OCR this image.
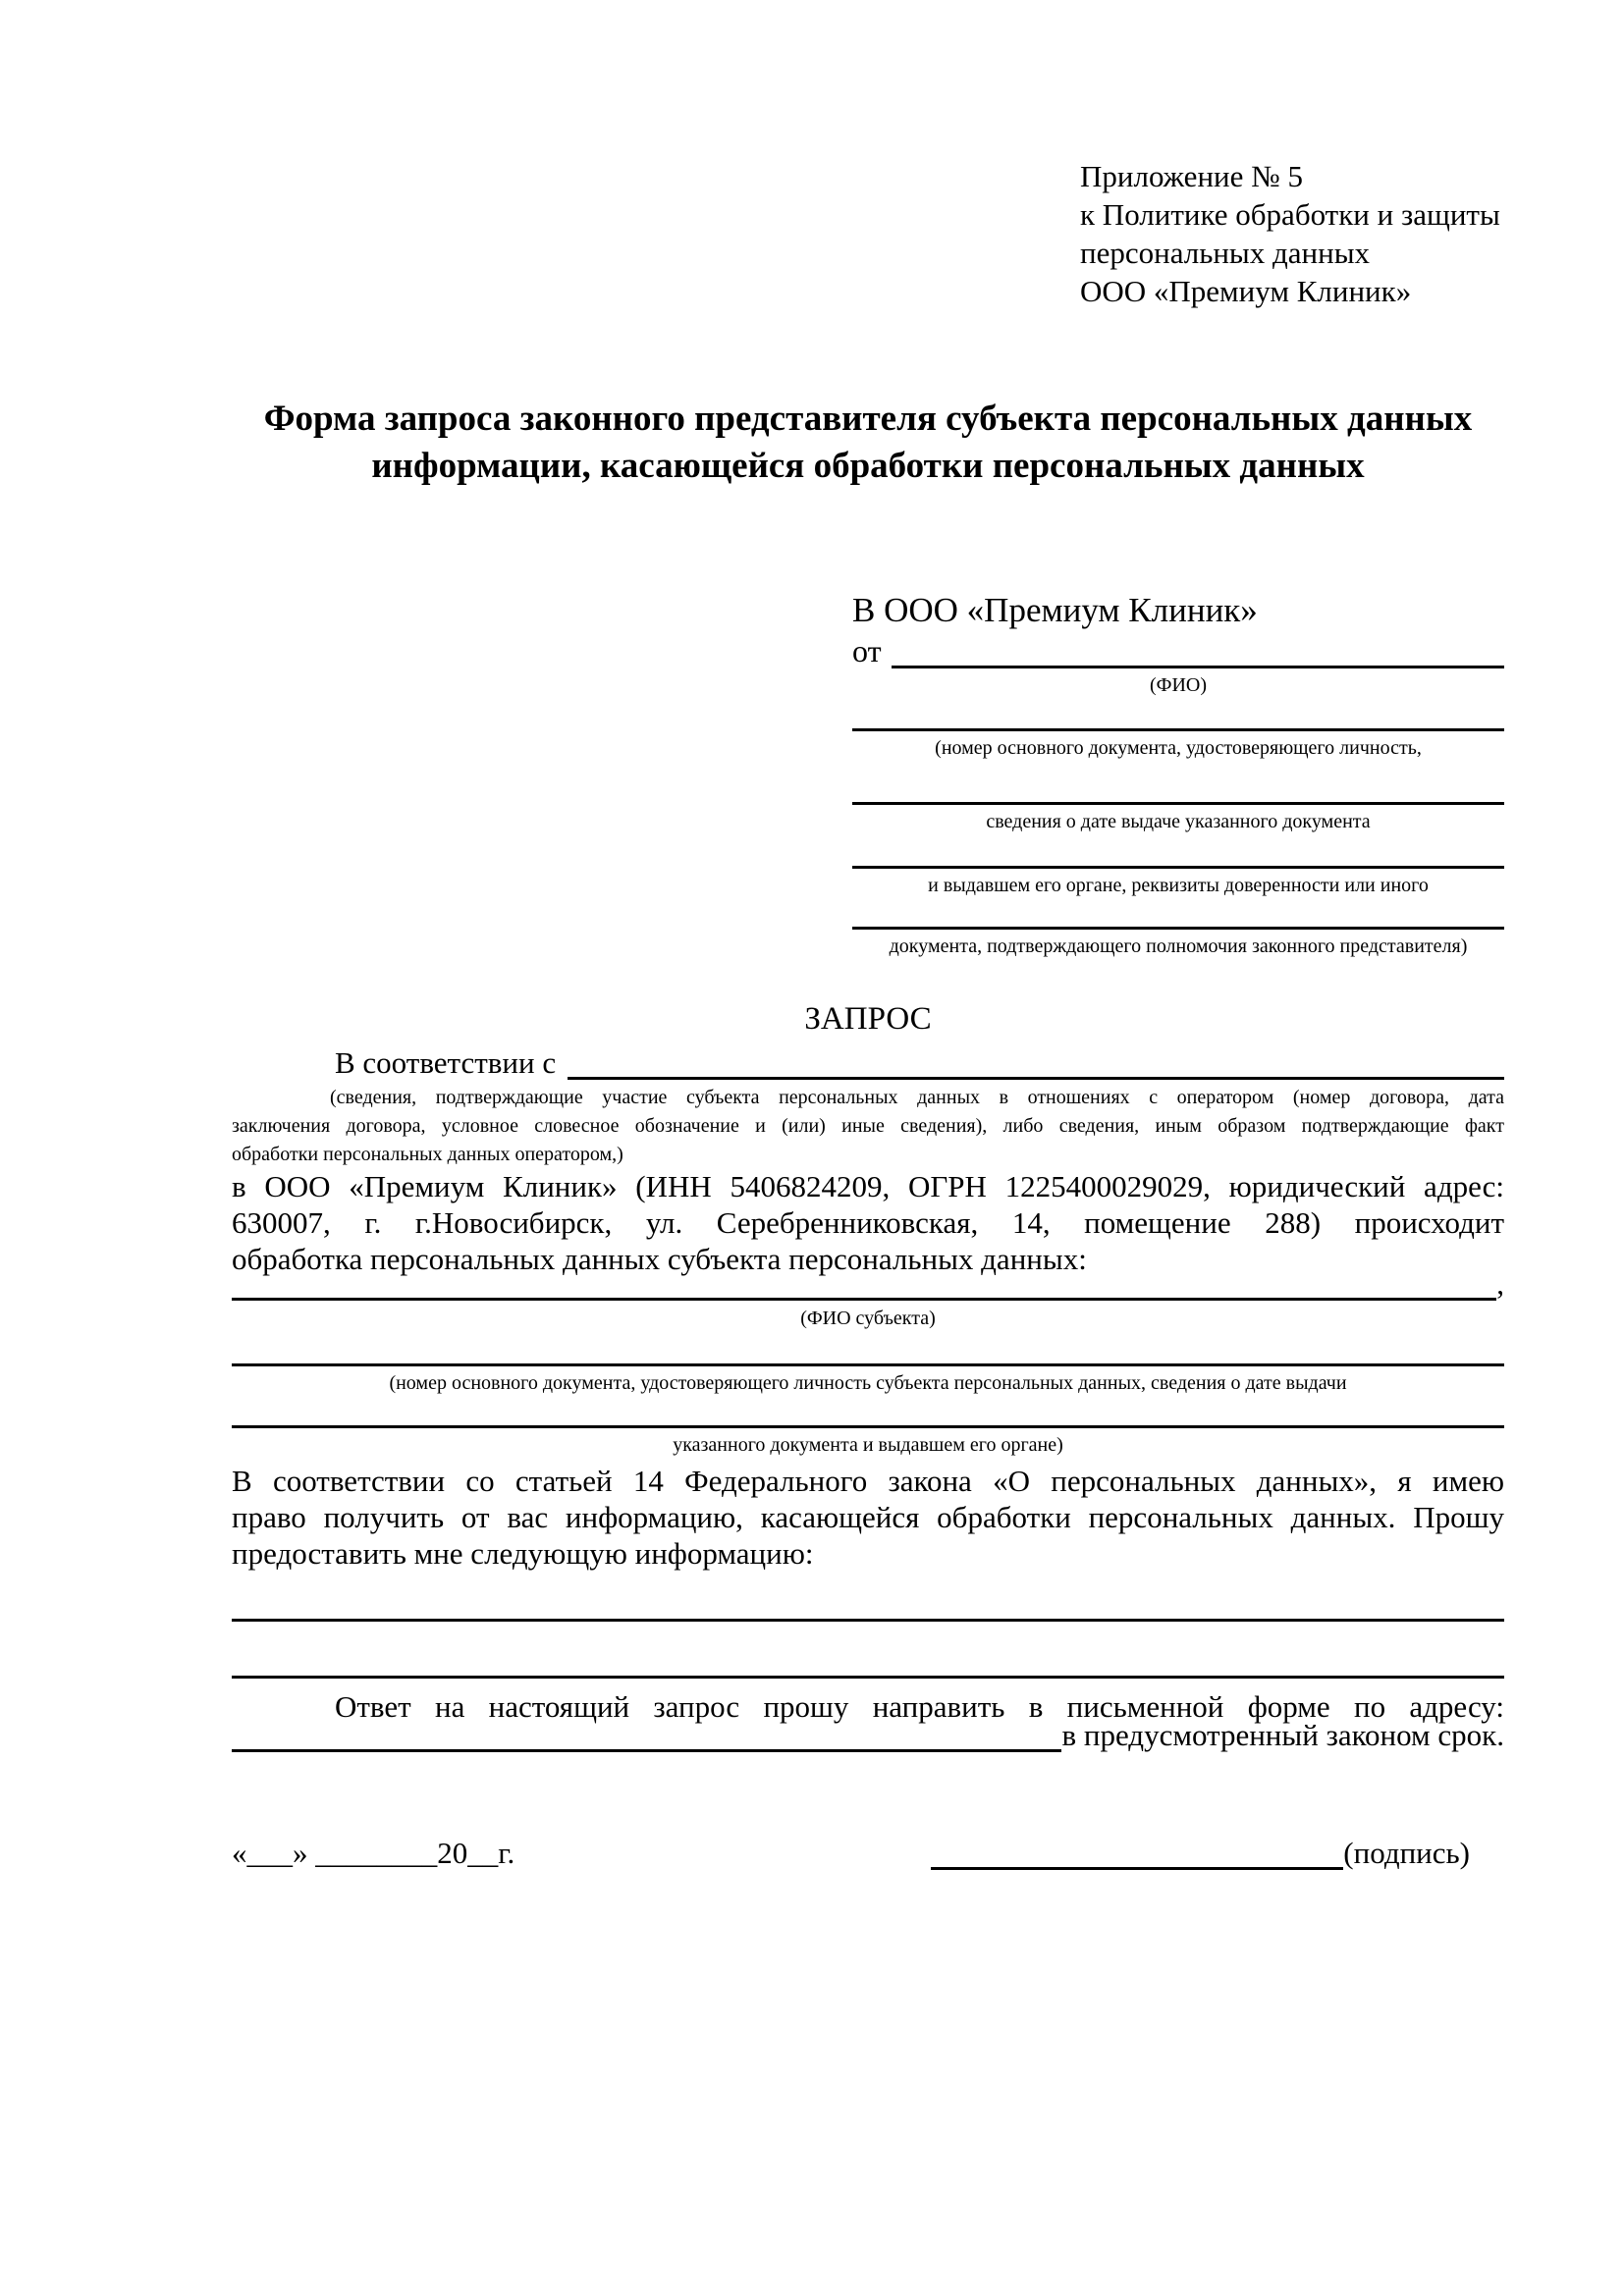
Приложение № 5
к Политике обработки и защиты
персональных данных
ООО «Премиум Клиник»
Форма запроса законного представителя субъекта персональных данных информации, касающейся обработки персональных данных
В ООО «Премиум Клиник»
от
(ФИО)
(номер основного документа, удостоверяющего личность,
сведения о дате выдаче указанного документа
и выдавшем его органе, реквизиты доверенности или иного
документа, подтверждающего полномочия законного представителя)
ЗАПРОС
В соответствии с
(сведения, подтверждающие участие субъекта персональных данных в отношениях с оператором (номер договора, дата
заключения договора, условное словесное обозначение и (или) иные сведения), либо сведения, иным образом подтверждающие факт
обработки персональных данных оператором,)
в ООО «Премиум Клиник» (ИНН 5406824209, ОГРН 1225400029029, юридический адрес:
630007, г. г.Новосибирск, ул. Серебренниковская, 14, помещение 288) происходит
обработка персональных данных субъекта персональных данных:
,
(ФИО субъекта)
(номер основного документа, удостоверяющего личность субъекта персональных данных, сведения о дате выдачи
указанного документа и выдавшем его органе)
В соответствии со статьей 14 Федерального закона «О персональных данных», я имею
право получить от вас информацию, касающейся обработки персональных данных. Прошу
предоставить мне следующую информацию:
Ответ на настоящий запрос прошу направить в письменной форме по адресу:
в предусмотренный законом срок.
«___» ________20__г.	(подпись)
